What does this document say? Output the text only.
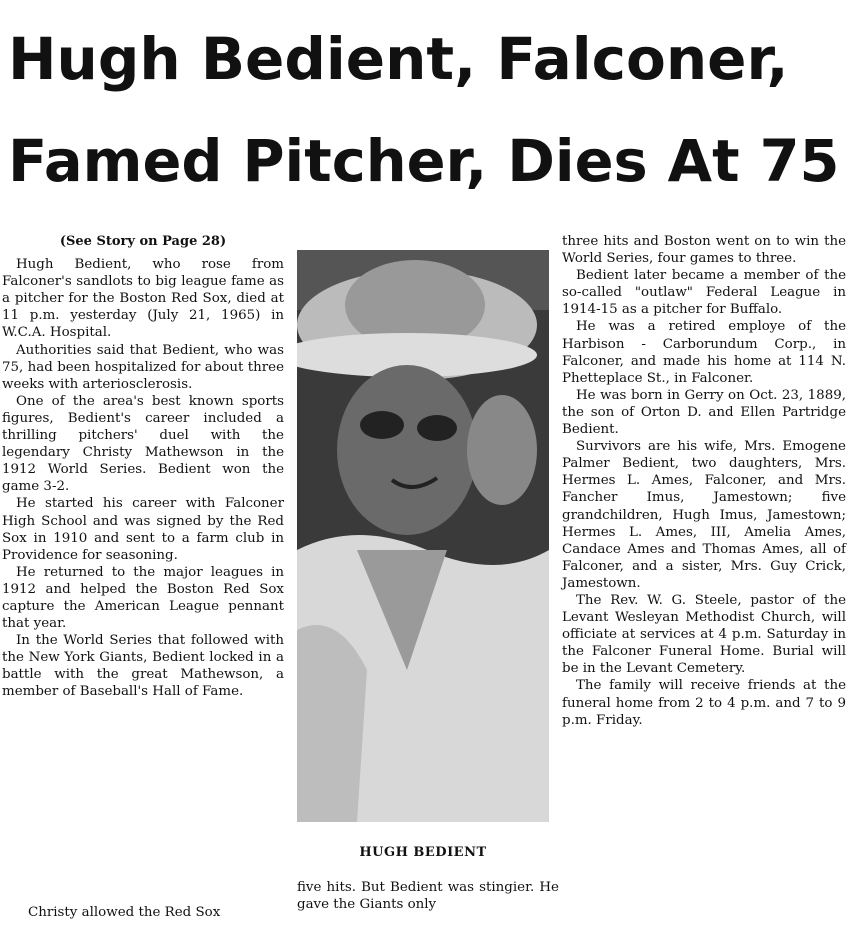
Hugh Bedient, Falconer,
Famed Pitcher, Dies At 75

(See Story on Page 28)

Hugh Bedient, who rose from Falconer's sandlots to big league fame as a pitcher for the Boston Red Sox, died at 11 p.m. yesterday (July 21, 1965) in W.C.A. Hospital.

Authorities said that Bedient, who was 75, had been hospitalized for about three weeks with arteriosclerosis.

One of the area's best known sports figures, Bedient's career included a thrilling pitchers' duel with the legendary Christy Mathewson in the 1912 World Series. Bedient won the game 3-2.

He started his career with Falconer High School and was signed by the Red Sox in 1910 and sent to a farm club in Providence for seasoning.

He returned to the major leagues in 1912 and helped the Boston Red Sox capture the American League pennant that year.

In the World Series that followed with the New York Giants, Bedient locked in a battle with the great Mathewson, a member of Baseball's Hall of Fame.

Christy allowed the Red Sox
HUGH BEDIENT

five hits. But Bedient was stingier. He gave the Giants only

three hits and Boston went on to win the World Series, four games to three.

Bedient later became a member of the so-called "outlaw" Federal League in 1914-15 as a pitcher for Buffalo.

He was a retired employe of the Harbison - Carborundum Corp., in Falconer, and made his home at 114 N. Phetteplace St., in Falconer.

He was born in Gerry on Oct. 23, 1889, the son of Orton D. and Ellen Partridge Bedient.

Survivors are his wife, Mrs. Emogene Palmer Bedient, two daughters, Mrs. Hermes L. Ames, Falconer, and Mrs. Fancher Imus, Jamestown; five grandchildren, Hugh Imus, Jamestown; Hermes L. Ames, III, Amelia Ames, Candace Ames and Thomas Ames, all of Falconer, and a sister, Mrs. Guy Crick, Jamestown.

The Rev. W. G. Steele, pastor of the Levant Wesleyan Methodist Church, will officiate at services at 4 p.m. Saturday in the Falconer Funeral Home. Burial will be in the Levant Cemetery.

The family will receive friends at the funeral home from 2 to 4 p.m. and 7 to 9 p.m. Friday.
